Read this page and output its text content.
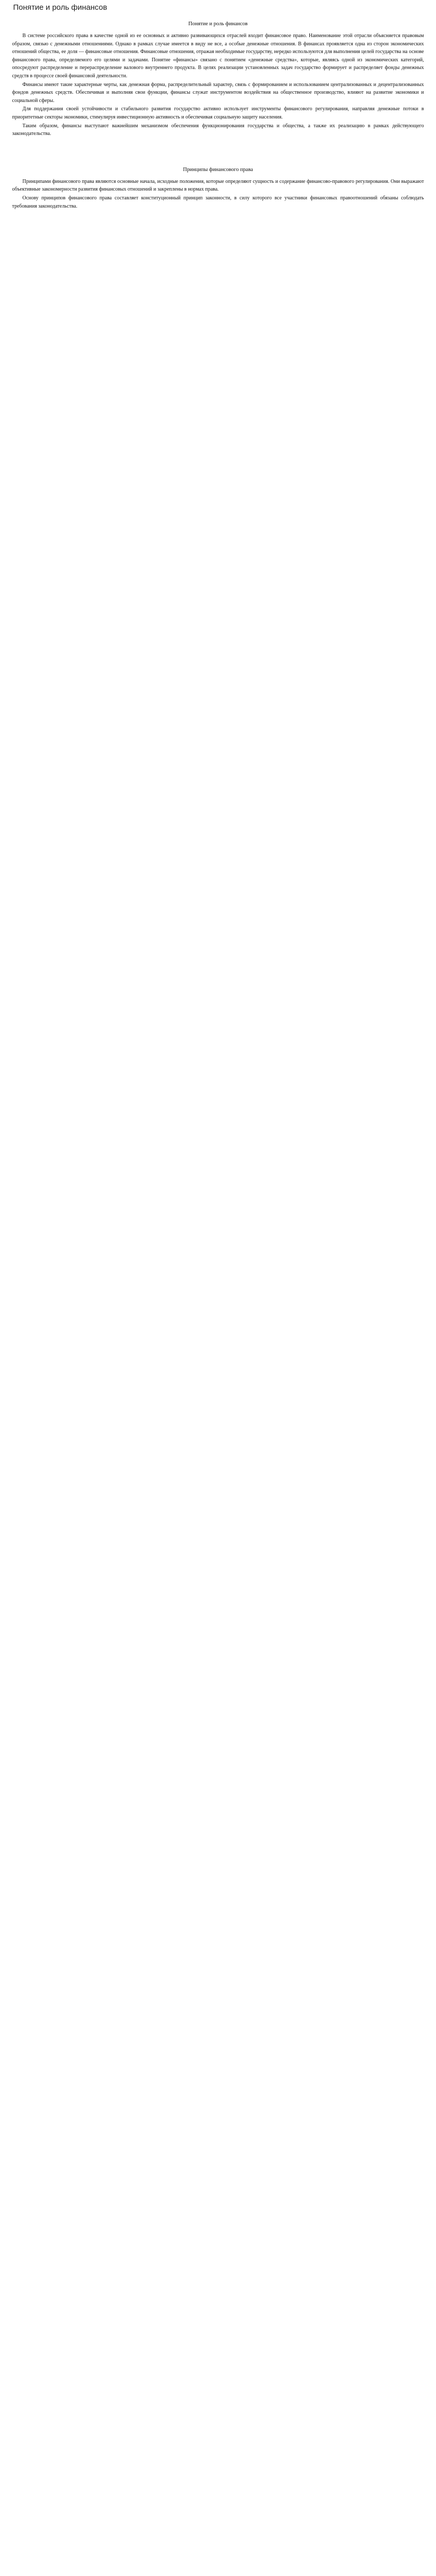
Понятие и роль финансов
Понятие и роль финансов

В системе российского права в качестве одной из ее основных и активно развивающихся отраслей входит финансовое право. Наименование этой отрасли объясняется правовым образом, связью с денежными отношениями. Однако в рамках случае имеется в виду не все, а особые денежные отношения. В финансах проявляется одна из сторон экономических отношений общества, ее доля — финансовые отношения. Финансовые отношения, отражая необходимые государству, нередко используются для выполнения целей государства на основе финансового права, определяемого его целями и задачами. Понятие «финансы» связано с понятием «денежные средства», которые, являясь одной из экономических категорий, опосредуют распределение и перераспределение валового внутреннего продукта. В целях реализации установленных задач государство формирует и распределяет фонды денежных средств в процессе своей финансовой деятельности.

Финансы имеют такие характерные черты, как денежная форма, распределительный характер, связь с формированием и использованием централизованных и децентрализованных фондов денежных средств. Обеспечивая и выполняя свои функции, финансы служат инструментом воздействия на общественное производство, влияют на развитие экономики и социальной сферы.

Для поддержания своей устойчивости и стабильного развития государство активно использует инструменты финансового регулирования, направляя денежные потоки в приоритетные секторы экономики, стимулируя инвестиционную активность и обеспечивая социальную защиту населения.

Таким образом, финансы выступают важнейшим механизмом обеспечения функционирования государства и общества, а также их реализацию в рамках действующего законодательства.

Принципы финансового права

Принципами финансового права являются основные начала, исходные положения, которые определяют сущность и содержание финансово-правового регулирования. Они выражают объективные закономерности развития финансовых отношений и закреплены в нормах права.

Основу принципов финансового права составляет конституционный принцип законности, в силу которого все участники финансовых правоотношений обязаны соблюдать требования законодательства.
